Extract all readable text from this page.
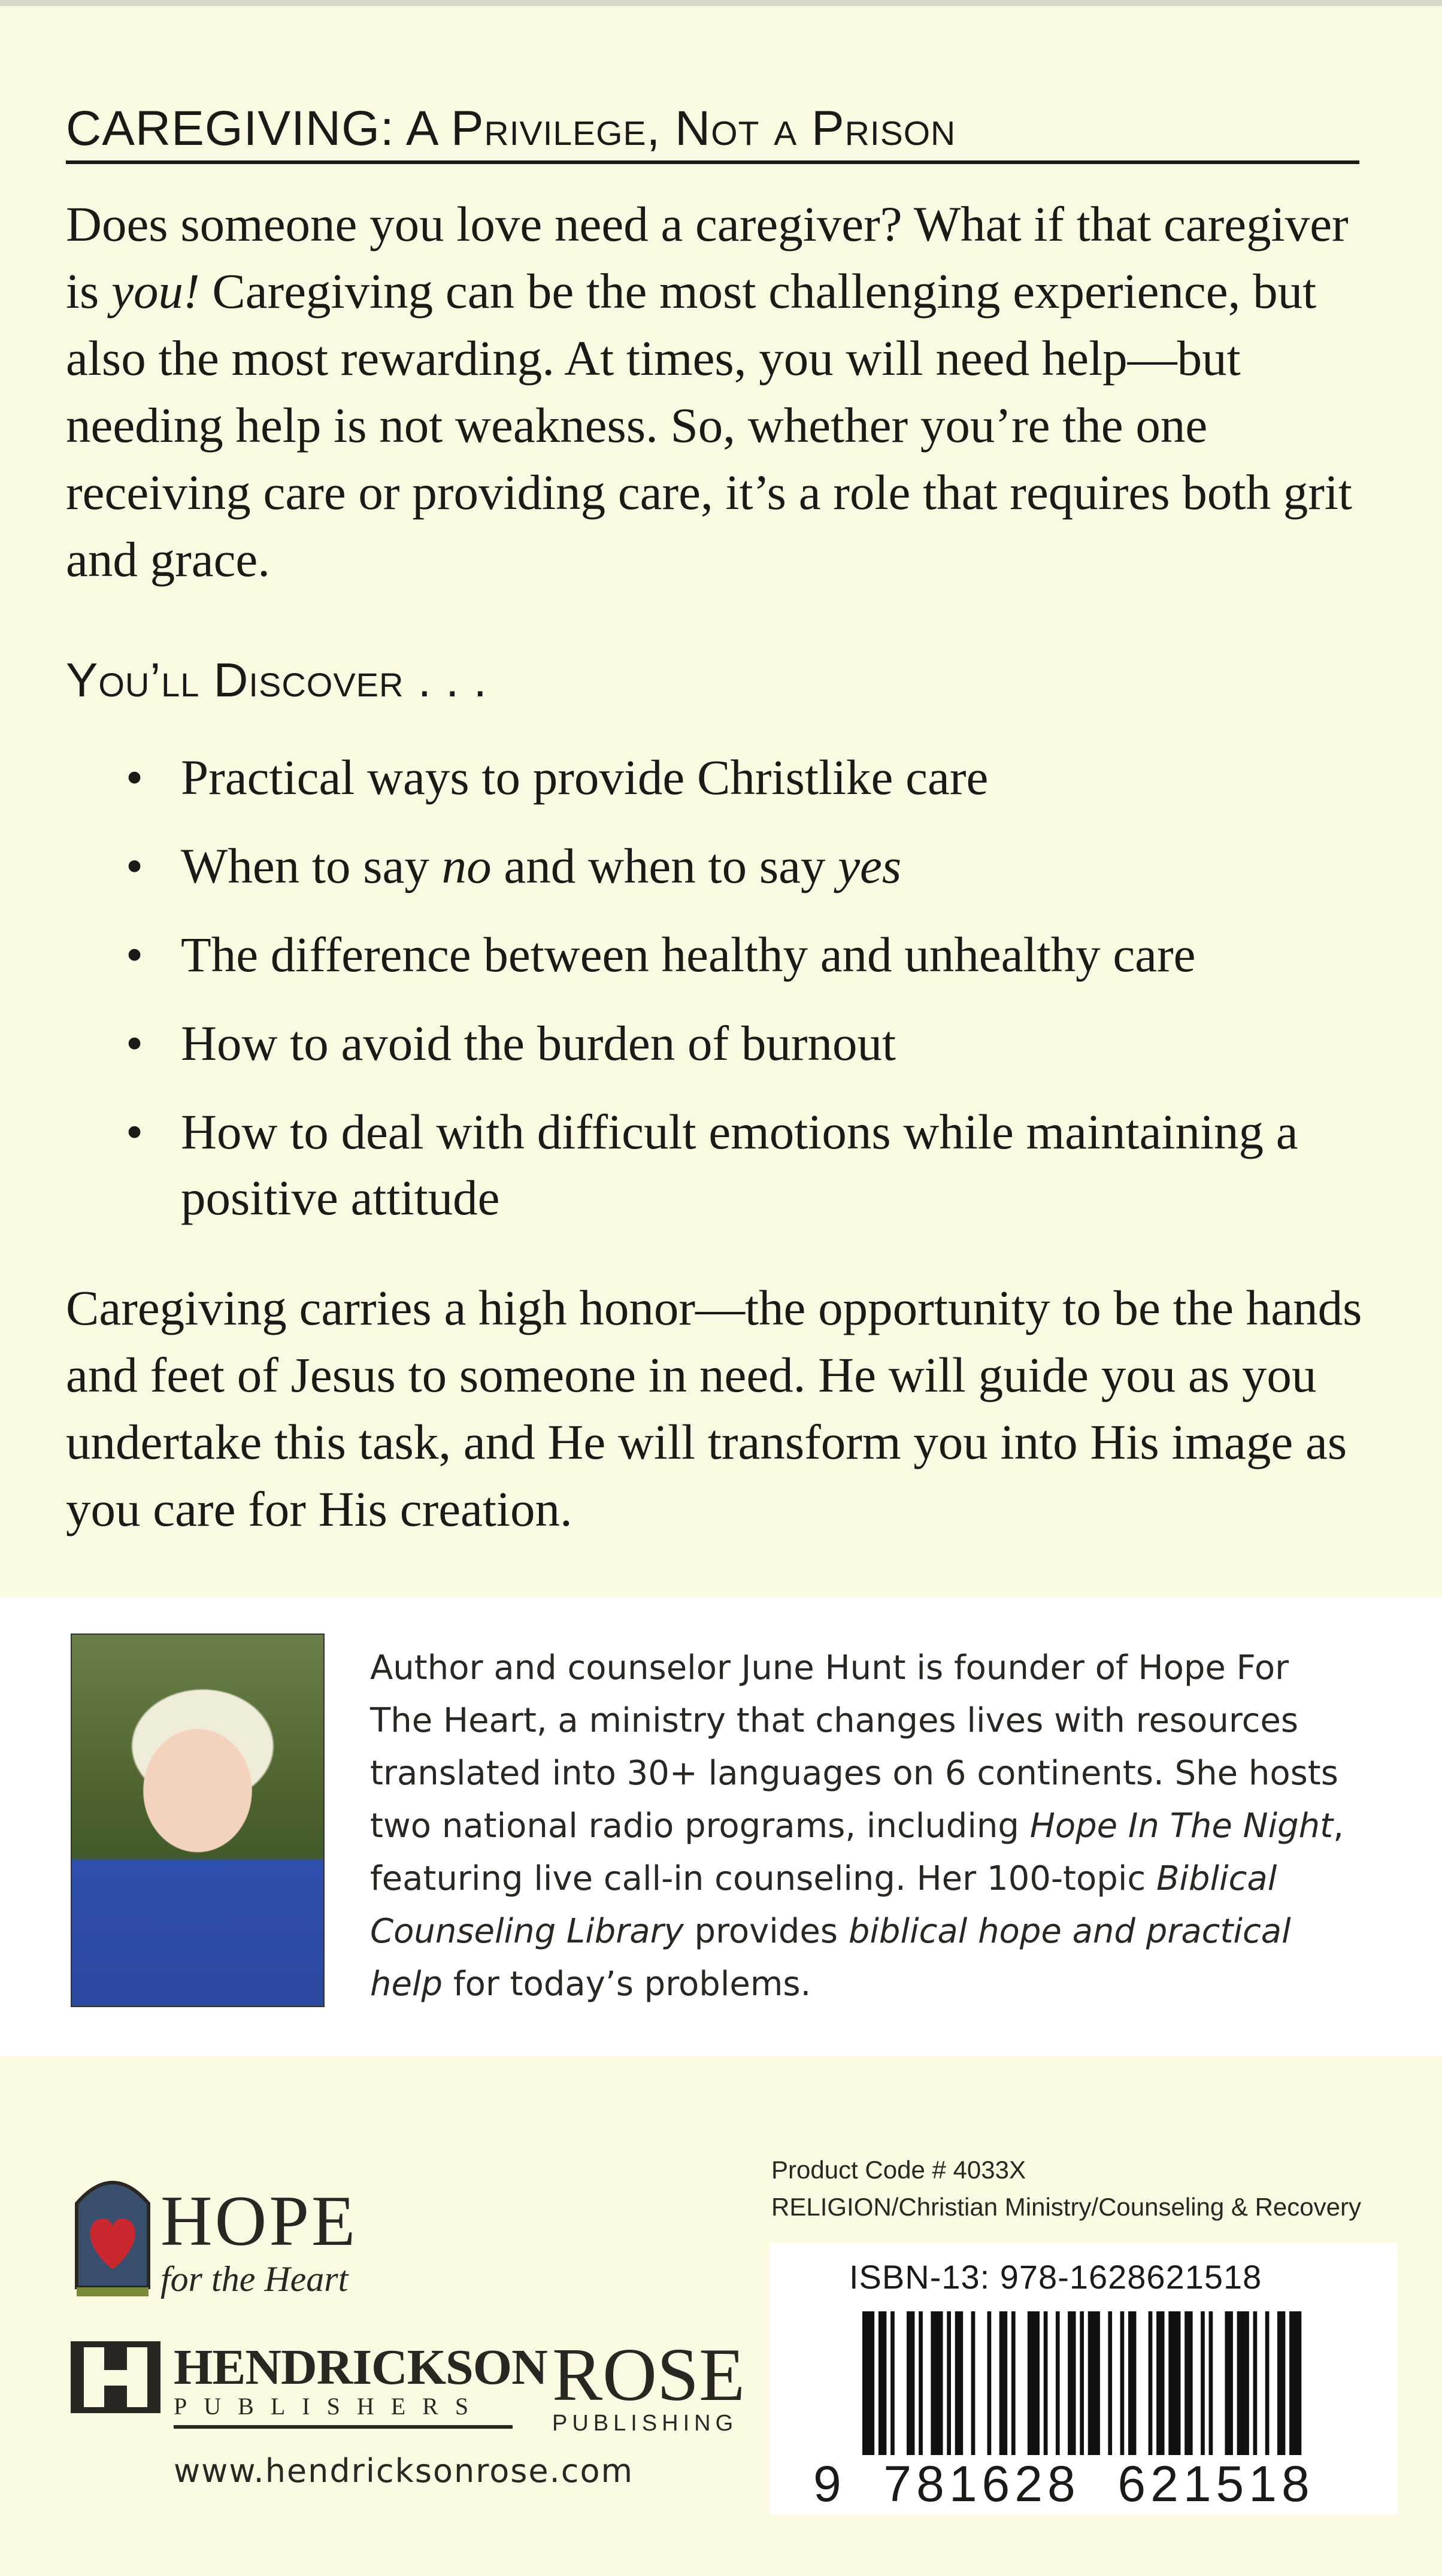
CAREGIVING: A Privilege, Not a Prison
Does someone you love need a caregiver? What if that caregiver is you! Caregiving can be the most challenging experience, but also the most rewarding. At times, you will need help—but needing help is not weakness. So, whether you’re the one receiving care or providing care, it’s a role that requires both grit and grace.
You’ll Discover . . .
• Practical ways to provide Christlike care
• When to say no and when to say yes
• The difference between healthy and unhealthy care
• How to avoid the burden of burnout
• How to deal with difficult emotions while maintaining a positive attitude
Caregiving carries a high honor—the opportunity to be the hands and feet of Jesus to someone in need. He will guide you as you undertake this task, and He will transform you into His image as you care for His creation.
Author and counselor June Hunt is founder of Hope For The Heart, a ministry that changes lives with resources translated into 30+ languages on 6 continents. She hosts two national radio programs, including Hope In The Night, featuring live call-in counseling. Her 100-topic Biblical Counseling Library provides biblical hope and practical help for today’s problems.
HOPE
for the Heart
HENDRICKSON
PUBLISHERS ROSE
PUBLISHING
www.hendricksonrose.com
Product Code # 4033X
RELIGION/Christian Ministry/Counseling & Recovery
ISBN-13: 978-1628621518
9 781628 621518
